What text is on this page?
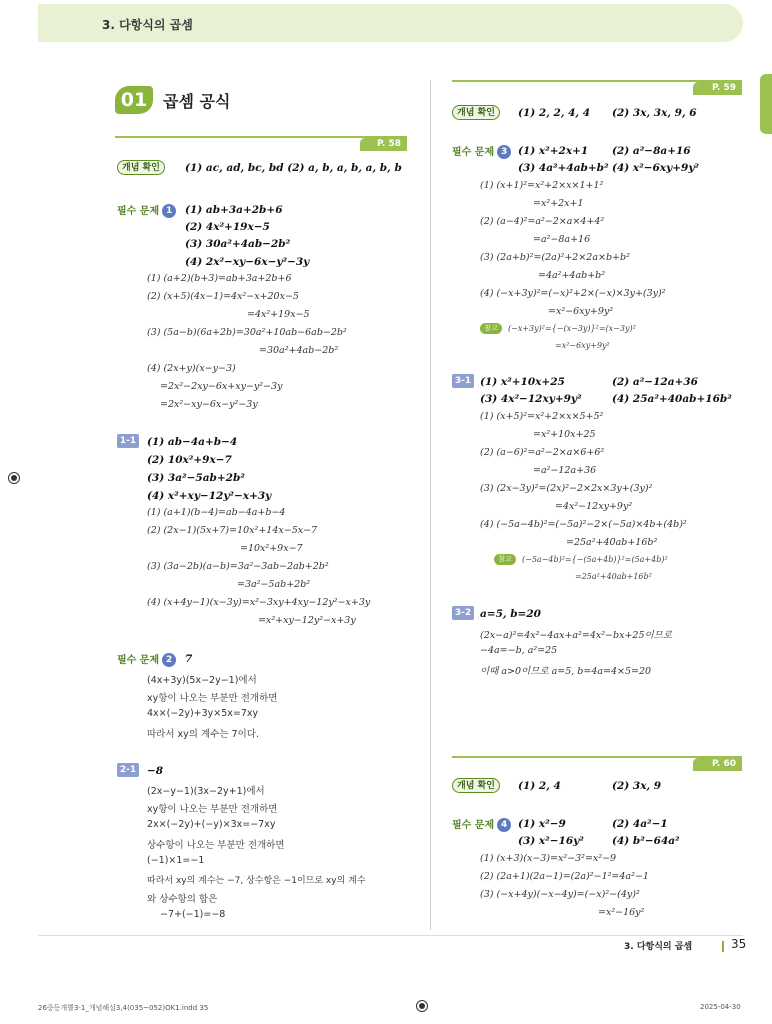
3. 다항식의 곱셈
01 곱셈 공식
P. 58
개념 확인	(1) ac, ad, bc, bd (2) a, b, a, b, a, b, b
필수 문제 1	(1) ab+3a+2b+6
(2) 4x²+19x−5
(3) 30a²+4ab−2b²
(4) 2x²−xy−6x−y²−3y
(1) (a+2)(b+3)=ab+3a+2b+6
(2) (x+5)(4x−1)=4x²−x+20x−5
=4x²+19x−5
(3) (5a−b)(6a+2b)=30a²+10ab−6ab−2b²
=30a²+4ab−2b²
(4) (2x+y)(x−y−3)
=2x²−2xy−6x+xy−y²−3y
=2x²−xy−6x−y²−3y
1-1 (1) ab−4a+b−4
(2) 10x²+9x−7
(3) 3a²−5ab+2b²
(4) x²+xy−12y²−x+3y
(1) (a+1)(b−4)=ab−4a+b−4
(2) (2x−1)(5x+7)=10x²+14x−5x−7
=10x²+9x−7
(3) (3a−2b)(a−b)=3a²−3ab−2ab+2b²
=3a²−5ab+2b²
(4) (x+4y−1)(x−3y)=x²−3xy+4xy−12y²−x+3y
=x²+xy−12y²−x+3y
필수 문제 2	7
(4x+3y)(5x−2y−1)에서
xy항이 나오는 부분만 전개하면
4x×(−2y)+3y×5x=7xy
따라서 xy의 계수는 7이다.
2-1 −8
(2x−y−1)(3x−2y+1)에서
xy항이 나오는 부분만 전개하면
2x×(−2y)+(−y)×3x=−7xy
상수항이 나오는 부분만 전개하면
(−1)×1=−1
따라서 xy의 계수는 −7, 상수항은 −1이므로 xy의 계수
와 상수항의 합은
−7+(−1)=−8
P. 59
개념 확인	(1) 2, 2, 4, 4 (2) 3x, 3x, 9, 6
필수 문제 3	(1) x²+2x+1 (2) a²−8a+16
(3) 4a²+4ab+b² (4) x²−6xy+9y²
(1) (x+1)²=x²+2×x×1+1²
=x²+2x+1
(2) (a−4)²=a²−2×a×4+4²
=a²−8a+16
(3) (2a+b)²=(2a)²+2×2a×b+b²
=4a²+4ab+b²
(4) (−x+3y)²=(−x)²+2×(−x)×3y+(3y)²
=x²−6xy+9y²
참고	(−x+3y)²={−(x−3y)}²=(x−3y)²
=x²−6xy+9y²
3-1 (1) x²+10x+25	(2) a²−12a+36
(3) 4x²−12xy+9y²	(4) 25a²+40ab+16b²
(1) (x+5)²=x²+2×x×5+5²
=x²+10x+25
(2) (a−6)²=a²−2×a×6+6²
=a²−12a+36
(3) (2x−3y)²=(2x)²−2×2x×3y+(3y)²
=4x²−12xy+9y²
(4) (−5a−4b)²=(−5a)²−2×(−5a)×4b+(4b)²
=25a²+40ab+16b²
참고	(−5a−4b)²={−(5a+4b)}²=(5a+4b)²
=25a²+40ab+16b²
3-2 a=5, b=20
(2x−a)²=4x²−4ax+a²=4x²−bx+25이므로
−4a=−b, a²=25
이때 a>0이므로 a=5, b=4a=4×5=20
P. 60
개념 확인	(1) 2, 4	(2) 3x, 9
필수 문제 4	(1) x²−9	(2) 4a²−1
(3) x²−16y²	(4) b²−64a²
(1) (x+3)(x−3)=x²−3²=x²−9
(2) (2a+1)(2a−1)=(2a)²−1²=4a²−1
(3) (−x+4y)(−x−4y)=(−x)²−(4y)²
=x²−16y²
3. 다항식의 곱셈	35
26중등개뿔3-1_개념해설3,4(035~052)OK1.indd 35	2025-04-30
